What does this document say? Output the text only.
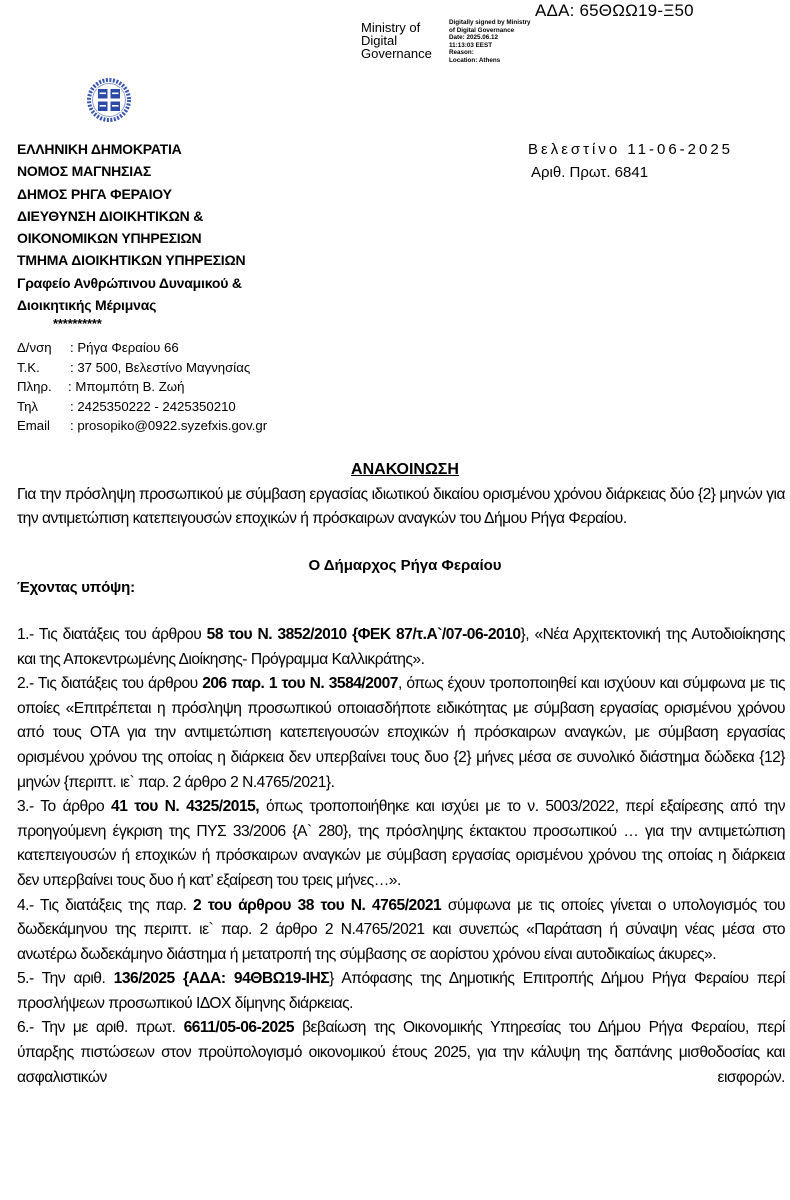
ΑΔΑ: 65ΘΩΩ19-Ξ50
Ministry of
Digital
Governance
Digitally signed by Ministry
of Digital Governance
Date: 2025.06.12
11:13:03 EEST
Reason:
Location: Athens
ΕΛΛΗΝΙΚΗ ΔΗΜΟΚΡΑΤΙΑ
ΝΟΜΟΣ ΜΑΓΝΗΣΙΑΣ
ΔΗΜΟΣ ΡΗΓΑ ΦΕΡΑΙΟΥ
ΔΙΕΥΘΥΝΣΗ ΔΙΟΙΚΗΤΙΚΩΝ &
ΟΙΚΟΝΟΜΙΚΩΝ ΥΠΗΡΕΣΙΩΝ
ΤΜΗΜΑ ΔΙΟΙΚΗΤΙΚΩΝ ΥΠΗΡΕΣΙΩΝ
Γραφείο Ανθρώπινου Δυναμικού &
Διοικητικής Μέριμνας
**********
Βελεστίνο 11-06-2025
Αριθ. Πρωτ. 6841
Δ/νση	: Ρήγα Φεραίου 66
Τ.Κ.	: 37 500, Βελεστίνο Μαγνησίας
Πληρ.	: Μπομπότη Β. Ζωή
Τηλ	: 2425350222 - 2425350210
Email	: prosopiko@0922.syzefxis.gov.gr
ΑΝΑΚΟΙΝΩΣΗ
Για την πρόσληψη προσωπικού με σύμβαση εργασίας ιδιωτικού δικαίου ορισμένου χρόνου διάρκειας δύο {2} μηνών για την αντιμετώπιση κατεπειγουσών εποχικών ή πρόσκαιρων αναγκών του Δήμου Ρήγα Φεραίου.
Ο Δήμαρχος Ρήγα Φεραίου
Έχοντας υπόψη:
1.- Τις διατάξεις του άρθρου 58 του Ν. 3852/2010 {ΦΕΚ 87/τ.Α`/07-06-2010}, «Νέα Αρχιτεκτονική της Αυτοδιοίκησης και της Αποκεντρωμένης Διοίκησης- Πρόγραμμα Καλλικράτης».
2.- Τις διατάξεις του άρθρου 206 παρ. 1 του Ν. 3584/2007, όπως έχουν τροποποιηθεί και ισχύουν και σύμφωνα με τις οποίες «Επιτρέπεται η πρόσληψη προσωπικού οποιασδήποτε ειδικότητας με σύμβαση εργασίας ορισμένου χρόνου από τους ΟΤΑ για την αντιμετώπιση κατεπειγουσών εποχικών ή πρόσκαιρων αναγκών, με σύμβαση εργασίας ορισμένου χρόνου της οποίας η διάρκεια δεν υπερβαίνει τους δυο {2} μήνες μέσα σε συνολικό διάστημα δώδεκα {12} μηνών {περιπτ. ιε` παρ. 2 άρθρο 2 Ν.4765/2021}.
3.- Το άρθρο 41 του Ν. 4325/2015, όπως τροποποιήθηκε και ισχύει με το ν. 5003/2022, περί εξαίρεσης από την προηγούμενη έγκριση της ΠΥΣ 33/2006 {Α` 280}, της πρόσληψης έκτακτου προσωπικού … για την αντιμετώπιση κατεπειγουσών ή εποχικών ή πρόσκαιρων αναγκών με σύμβαση εργασίας ορισμένου χρόνου της οποίας η διάρκεια δεν υπερβαίνει τους δυο ή κατ’ εξαίρεση του τρεις μήνες…».
4.- Τις διατάξεις της παρ. 2 του άρθρου 38 του Ν. 4765/2021 σύμφωνα με τις οποίες γίνεται ο υπολογισμός του δωδεκάμηνου της περιπτ. ιε` παρ. 2 άρθρο 2 Ν.4765/2021 και συνεπώς «Παράταση ή σύναψη νέας μέσα στο ανωτέρω δωδεκάμηνο διάστημα ή μετατροπή της σύμβασης σε αορίστου χρόνου είναι αυτοδικαίως άκυρες».
5.- Την αριθ. 136/2025 {ΑΔΑ: 94ΘΒΩ19-ΙΗΣ} Απόφασης της Δημοτικής Επιτροπής Δήμου Ρήγα Φεραίου περί προσλήψεων προσωπικού ΙΔΟΧ δίμηνης διάρκειας.
6.- Την με αριθ. πρωτ. 6611/05-06-2025 βεβαίωση της Οικονομικής Υπηρεσίας του Δήμου Ρήγα Φεραίου, περί ύπαρξης πιστώσεων στον προϋπολογισμό οικονομικού έτους 2025, για την κάλυψη της δαπάνης μισθοδοσίας και ασφαλιστικών εισφορών.
